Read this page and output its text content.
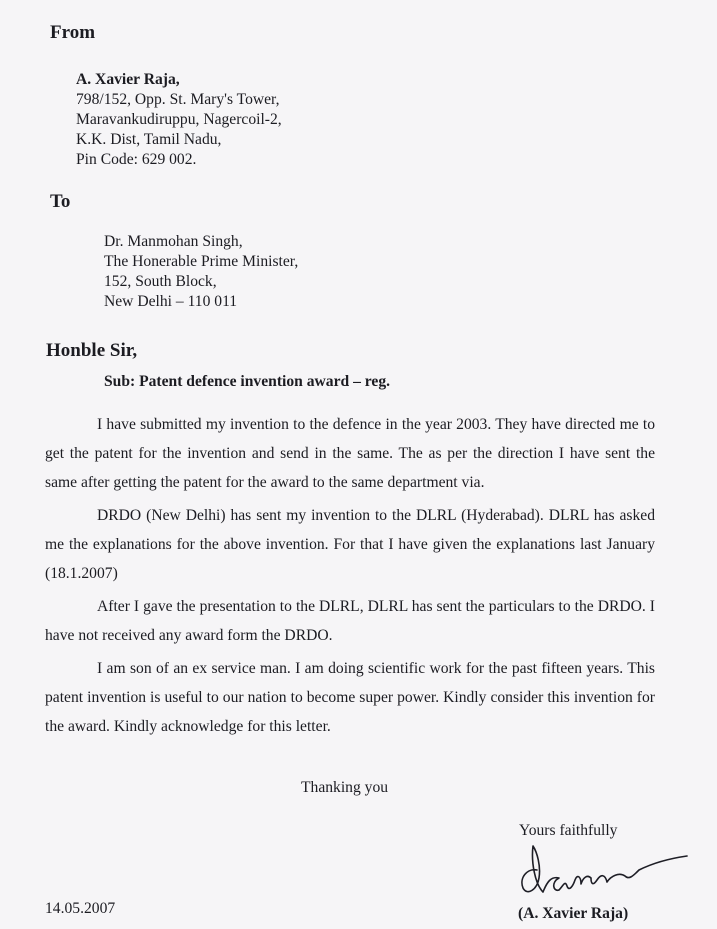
From
A. Xavier Raja,
798/152, Opp. St. Mary's Tower,
Maravankudiruppu, Nagercoil-2,
K.K. Dist, Tamil Nadu,
Pin Code: 629 002.
To
Dr. Manmohan Singh,
The Honerable Prime Minister,
152, South Block,
New Delhi – 110 011
Honble Sir,
Sub: Patent defence invention award – reg.

I have submitted my invention to the defence in the year 2003. They have directed me to get the patent for the invention and send in the same. The as per the direction I have sent the same after getting the patent for the award to the same department via.

DRDO (New Delhi) has sent my invention to the DLRL (Hyderabad). DLRL has asked me the explanations for the above invention. For that I have given the explanations last January (18.1.2007)

After I gave the presentation to the DLRL, DLRL has sent the particulars to the DRDO. I have not received any award form the DRDO.

I am son of an ex service man. I am doing scientific work for the past fifteen years. This patent invention is useful to our nation to become super power. Kindly consider this invention for the award. Kindly acknowledge for this letter.

Thanking you
Yours faithfully
(A. Xavier Raja)
14.05.2007
